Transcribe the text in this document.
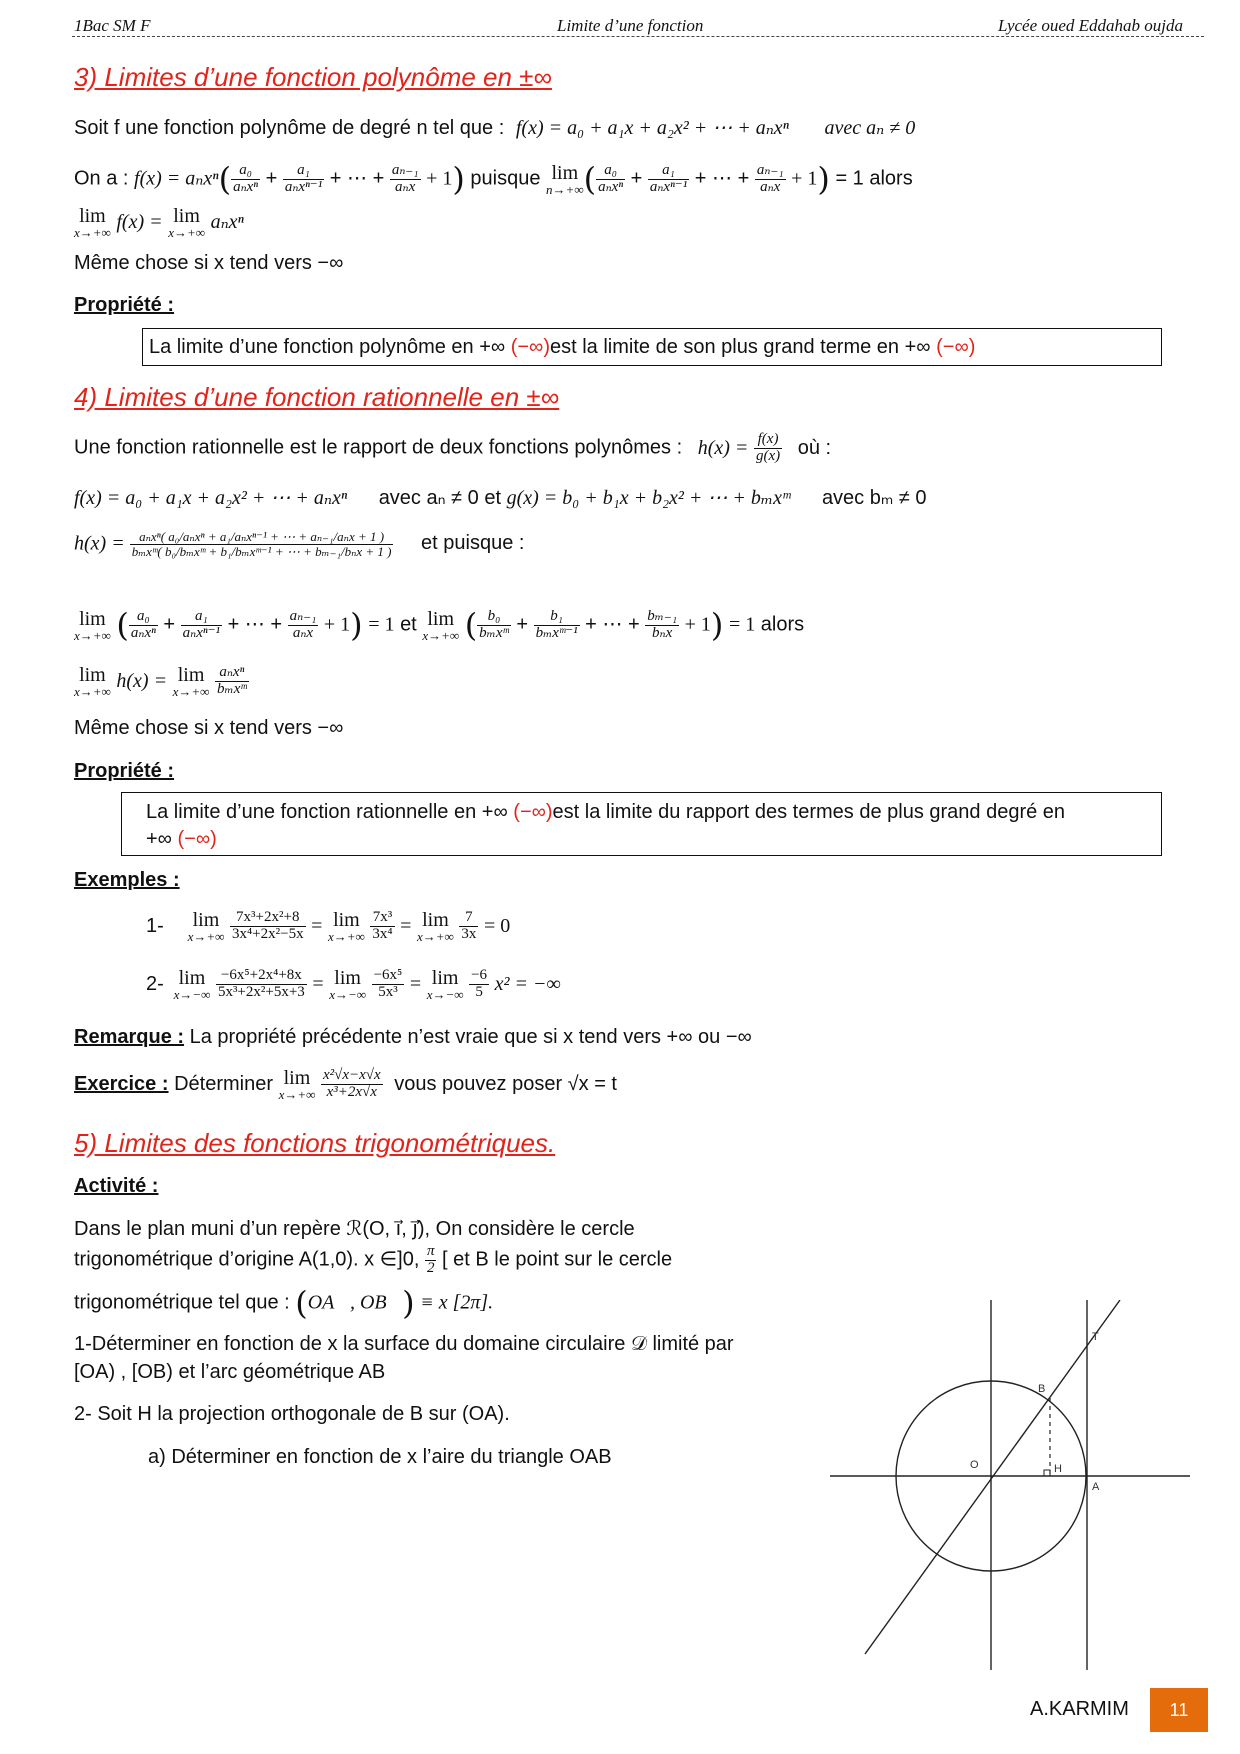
1Bac SM F	Limite d’une fonction	Lycée oued Eddahab oujda
3) Limites d’une fonction polynôme en ±∞
Soit f une fonction polynôme de degré n tel que : f(x) = a₀ + a₁x + a₂x² + ⋯ + aₙxⁿ avec aₙ ≠ 0
On a : $f(x) = a_nx^n( \frac{\text{a₀}}{\text{aₙxⁿ}} + \frac{\text{a₁}}{\text{aₙxⁿ⁻¹}}$ + ⋯ + $\frac{\text{aₙ₋₁}}{\text{aₙx}} + 1$) puisque lim
n→+∞ ( $\frac{\text{a₀}}{\text{aₙxⁿ}} + \frac{\text{a₁}}{\text{aₙxⁿ⁻¹}}$ + ⋯ + $\frac{\text{aₙ₋₁}}{\text{aₙx}} + 1) = 1$ alors
lim
x→+∞ f(x) = lim
x→+∞ aₙxⁿ
Même chose si x tend vers −∞
Propriété :
La limite d’une fonction polynôme en +∞ (−∞)est la limite de son plus grand terme en +∞ (−∞)
4) Limites d’une fonction rationnelle en ±∞
Une fonction rationnelle est le rapport de deux fonctions polynômes : $h(x) = \frac{f(x)}{g(x)}$ où :
f(x) = a₀ + a₁x + a₂x² + ⋯ + aₙxⁿ avec aₙ ≠ 0 et g(x) = b₀ + b₁x + b₂x² + ⋯ + bₘxᵐ avec bₘ ≠ 0
$h(x) = \frac{\text{aₙxⁿ( a₀/aₙxⁿ + a₁/aₙxⁿ⁻¹ + ⋯ + aₙ₋₁/aₙx + 1 )}}{\text{bₘxᵐ( b₀/bₘxᵐ + b₁/bₘxᵐ⁻¹ + ⋯ + bₘ₋₁/bₙx + 1 )}}$ et puisque :
lim
x→+∞ ( $\frac{\text{a₀}}{\text{aₙxⁿ}} + \frac{\text{a₁}}{\text{aₙxⁿ⁻¹}}$ + ⋯ + $\frac{\text{aₙ₋₁}}{\text{aₙx}} + 1) = 1$ et lim
x→+∞ ( $\frac{\text{b₀}}{\text{bₘxᵐ}} + \frac{\text{b₁}}{\text{bₘxᵐ⁻¹}}$ + ⋯ + $\frac{\text{bₘ₋₁}}{\text{bₙx}} + 1) = 1$ alors
lim
x→+∞ h(x) = lim
x→+∞
$\frac{\text{aₙxⁿ}}{\text{bₘxᵐ}}$
Même chose si x tend vers −∞
Propriété :
La limite d’une fonction rationnelle en +∞ (−∞)est la limite du rapport des termes de plus grand degré en
+∞ (−∞)
Exemples :
1- lim
x→+∞
$\frac{\text{7x³+2x²+8}}{\text{3x⁴+2x²−5x}} = \lim$
x→+∞
$\frac{\text{7x³}}{\text{3x⁴}} = \lim$
x→+∞
$\frac{7}{3x} = 0$
2- lim
x→−∞
$\frac{\text{−6x⁵+2x⁴+8x}}{\text{5x³+2x²+5x+3}} = \lim$
x→−∞
$\frac{\text{−6x⁵}}{\text{5x³}} = \lim$
x→−∞
$\frac{-6}{5} x^2$ = −∞
Remarque : La propriété précédente n’est vraie que si x tend vers +∞ ou −∞
Exercice : Déterminer lim
x→+∞
$\frac{\text{x²√x−x√x}}{\text{x³+2x√x}}$ vous pouvez poser √x = t
5) Limites des fonctions trigonométriques.
Activité :
Dans le plan muni d’un repère ℛ(O, ı⃗, ȷ⃗), On considère le cercle
trigonométrique d’origine A(1,0). x ∈]0, $\frac{\pi}{2}$ [ et B le point sur le cercle
trigonométrique tel que : (OA⃗, OB⃗) ≡ x [2π].
1-Déterminer en fonction de x la surface du domaine circulaire 𝒟 limité par
[OA) , [OB) et l’arc géométrique AB
2- Soit H la projection orthogonale de B sur (OA).
a) Déterminer en fonction de x l’aire du triangle OAB
T
B
O	H
A
A.KARMIM	11
